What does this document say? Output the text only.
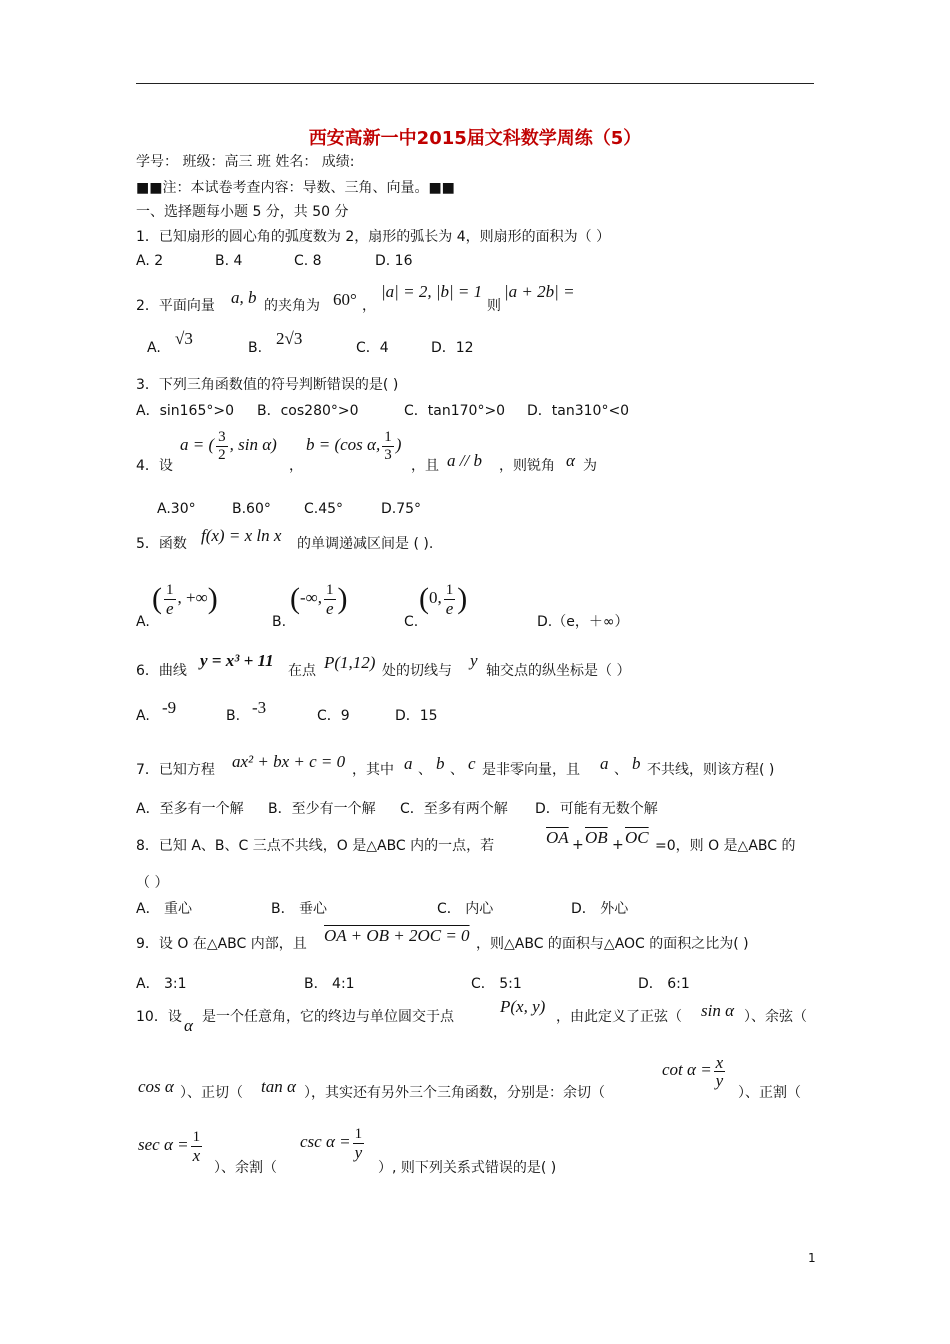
西安高新一中2015届文科数学周练（5）
学号： 班级：高三 班 姓名： 成绩:
■■注：本试卷考查内容：导数、三角、向量。■■
一、选择题每小题 5 分，共 50 分
1．已知扇形的圆心角的弧度数为 2，扇形的弧长为 4，则扇形的面积为（ ）
A. 2	B. 4	C. 8	D. 16
2．平面向量 a, b 的夹角为 60° ，
|a| = 2, |b| = 1
则
|a + 2b| =
A. √3	B. 2√3	C．4	D．12
3．下列三角函数值的符号判断错误的是( )
A．sin165°>0 B．cos280°>0	C．tan170°>0 D．tan310°<0
4．设
a = ( $\frac{3}{2}$ , sin α)
，
b = (cos α, $\frac{1}{3}$ )
，且 a // b ，则锐角 α 为
A.30°	B.60° C.45°	D.75°
5．函数 f(x) = x ln x 的单调递减区间是 ( ).
A.
( $\frac{1}{e}$ , +∞)
B.
(-∞, $\frac{1}{e}$ )
C.
(0, $\frac{1}{e}$ )
D.（e，＋∞）
6．曲线
y = x³ + 11
在点 P(1,12) 处的切线与
y
轴交点的纵坐标是（ ）
A. -9	B. -3	C．9	D．15
7．已知方程 ax² + bx + c = 0 ，其中 a 、 b 、 c 是非零向量，且 a 、 b 不共线，则该方程( )
A．至多有一个解 B．至少有一个解 C．至多有两个解 D．可能有无数个解
8．已知 A、B、C 三点不共线，O 是△ABC 内的一点，若	$\overline{OA} + \overline{OB} + \overline{OC} =0$，则 O 是△ABC 的
（ ）
A． 重心	B． 垂心	C． 内心	D． 外心
9．设 O 在△ABC 内部，且 OA + OB + 2OC = 0 ，则△ABC 的面积与△AOC 的面积之比为( )
A． 3:1	B． 4:1	C． 5:1	D． 6:1
10．设 α 是一个任意角，它的终边与单位圆交于点
P(x, y)
，由此定义了正弦（ sin α ）、余弦（
cos α ）、正切（ tan α ），其实还有另外三个三角函数，分别是：余切（
$\cot \alpha = \frac{x}{y}$
）、正割（
$\sec \alpha = \frac{1}{x}$
）、余割（
$\csc \alpha = \frac{1}{y}$
）, 则下列关系式错误的是( )
1
